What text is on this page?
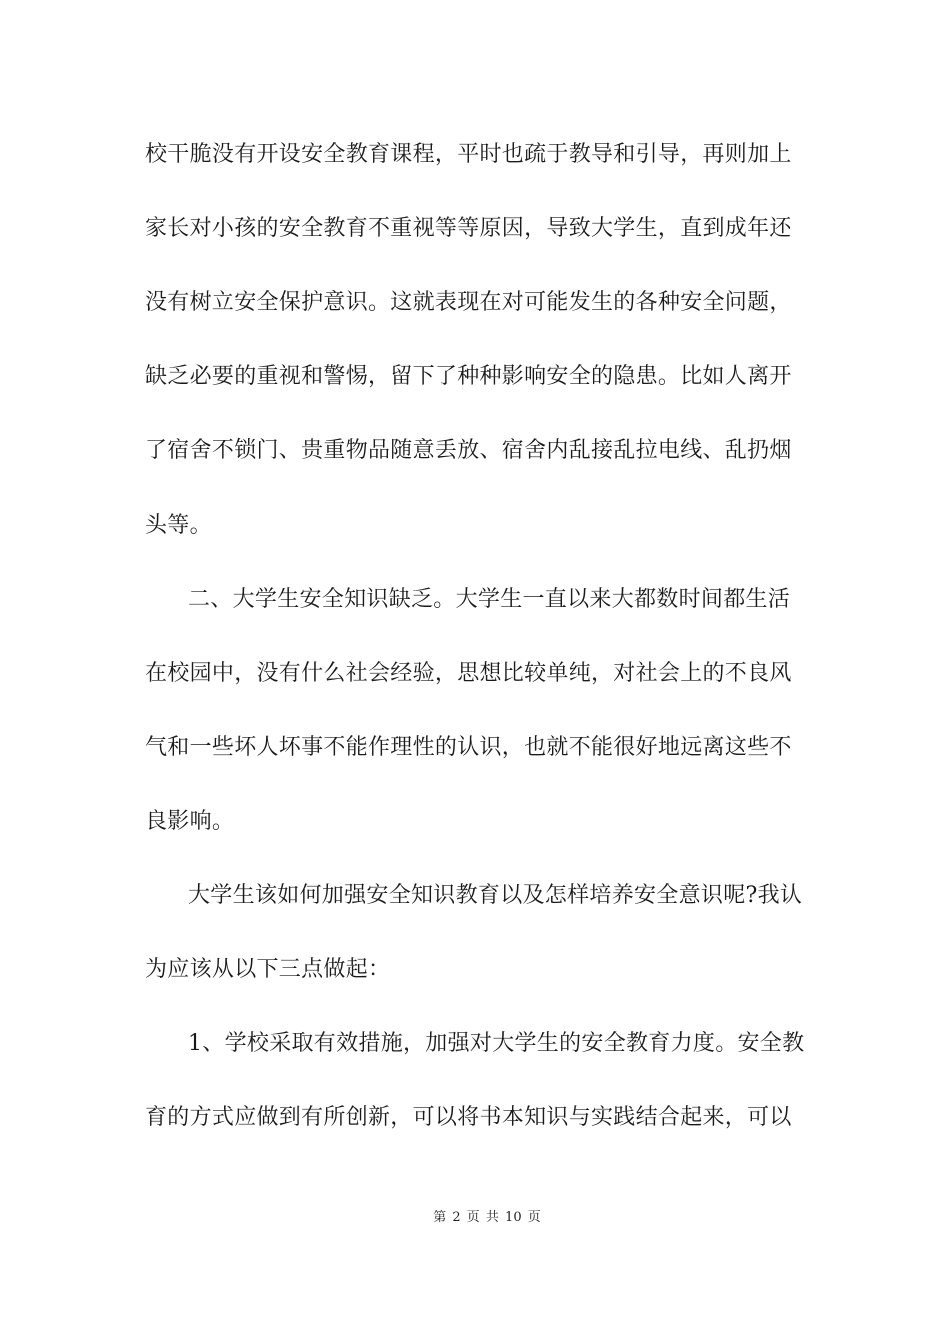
校干脆没有开设安全教育课程，平时也疏于教导和引导，再则加上
家长对小孩的安全教育不重视等等原因，导致大学生，直到成年还
没有树立安全保护意识。这就表现在对可能发生的各种安全问题，
缺乏必要的重视和警惕，留下了种种影响安全的隐患。比如人离开
了宿舍不锁门、贵重物品随意丢放、宿舍内乱接乱拉电线、乱扔烟
头等。
二、大学生安全知识缺乏。大学生一直以来大都数时间都生活
在校园中，没有什么社会经验，思想比较单纯，对社会上的不良风
气和一些坏人坏事不能作理性的认识，也就不能很好地远离这些不
良影响。
大学生该如何加强安全知识教育以及怎样培养安全意识呢?我认
为应该从以下三点做起：
1、学校采取有效措施，加强对大学生的安全教育力度。安全教
育的方式应做到有所创新，可以将书本知识与实践结合起来，可以
第 2 页 共 10 页
